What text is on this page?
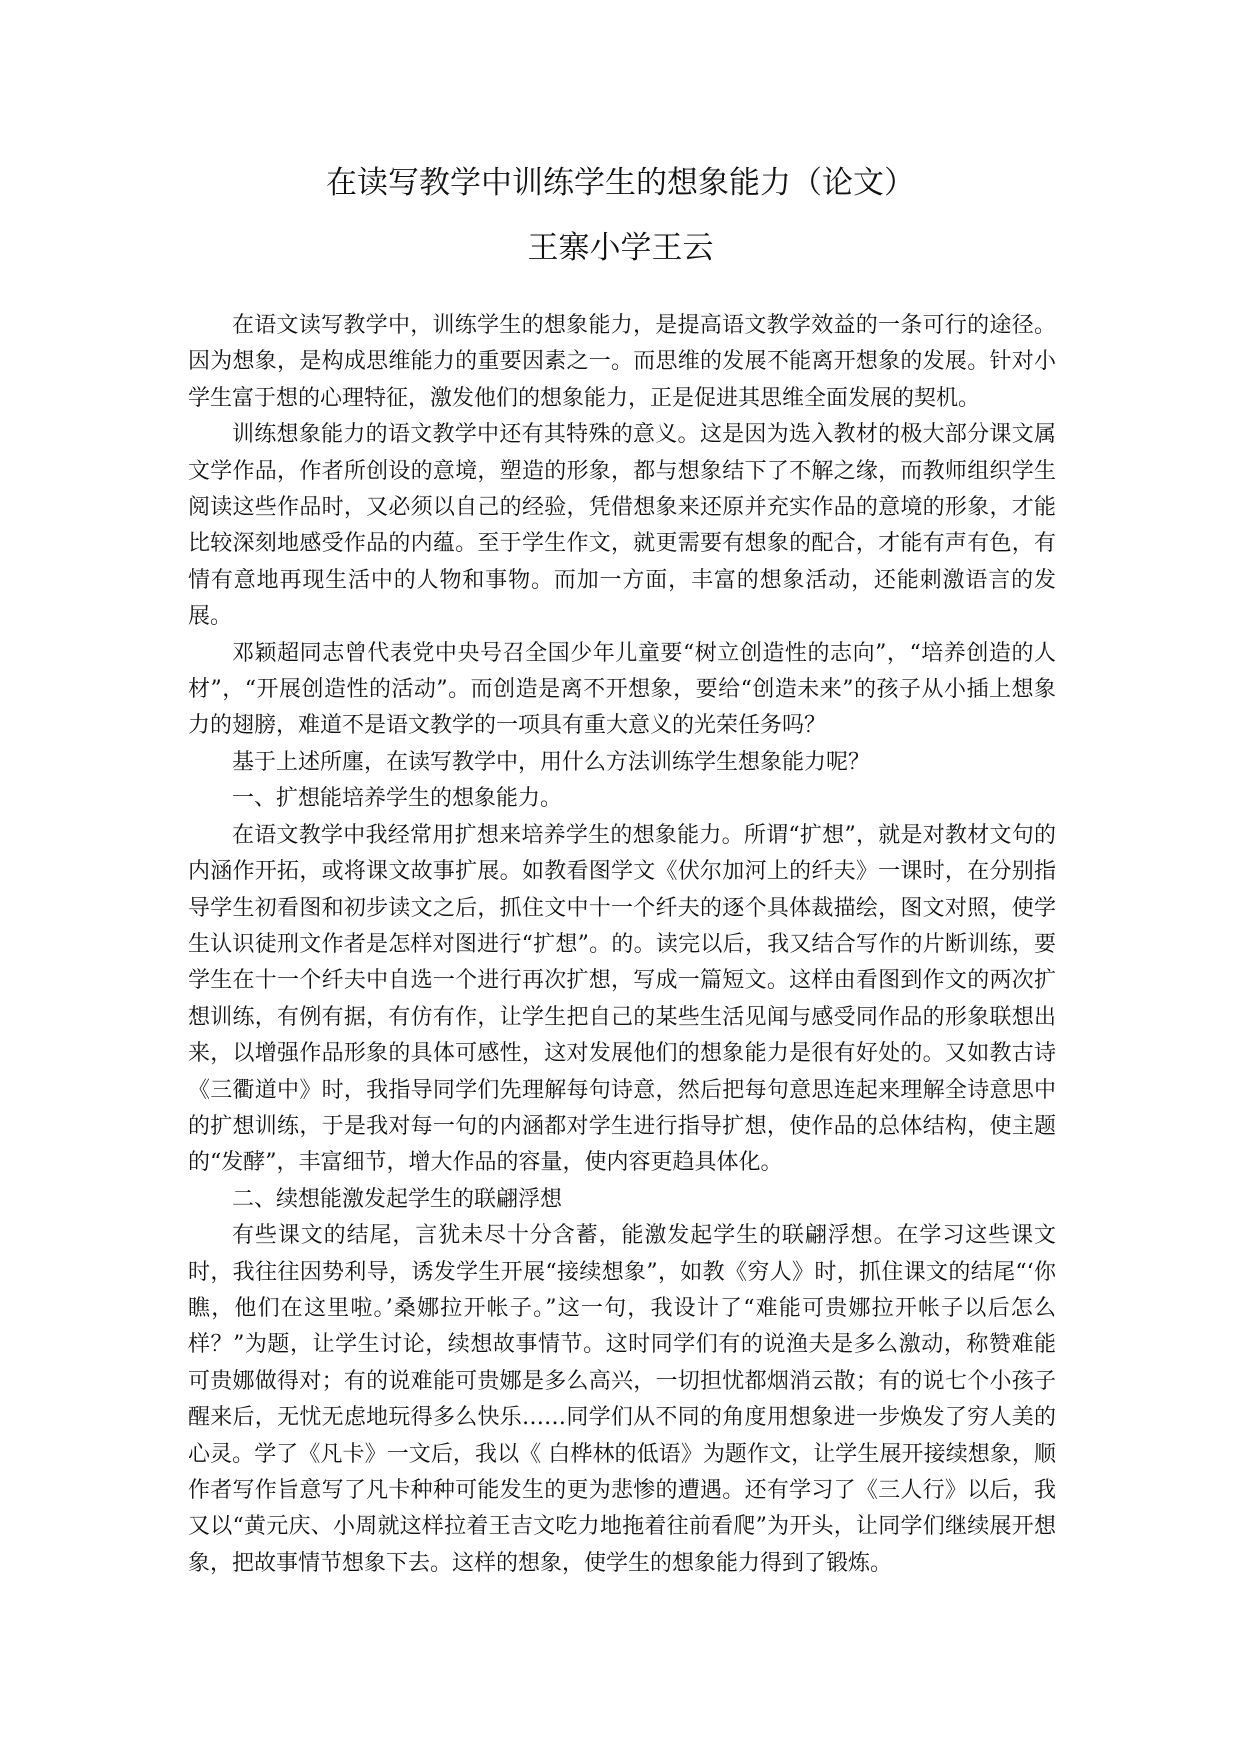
在读写教学中训练学生的想象能力（论文）
王寨小学王云

在语文读写教学中，训练学生的想象能力，是提高语文教学效益的一条可行的途径。因为想象，是构成思维能力的重要因素之一。而思维的发展不能离开想象的发展。针对小学生富于想的心理特征，激发他们的想象能力，正是促进其思维全面发展的契机。

训练想象能力的语文教学中还有其特殊的意义。这是因为选入教材的极大部分课文属文学作品，作者所创设的意境，塑造的形象，都与想象结下了不解之缘，而教师组织学生阅读这些作品时，又必须以自己的经验，凭借想象来还原并充实作品的意境的形象，才能比较深刻地感受作品的内蕴。至于学生作文，就更需要有想象的配合，才能有声有色，有情有意地再现生活中的人物和事物。而加一方面，丰富的想象活动，还能刺激语言的发展。

邓颖超同志曾代表党中央号召全国少年儿童要“树立创造性的志向”，“培养创造的人材”，“开展创造性的活动”。而创造是离不开想象，要给“创造未来”的孩子从小插上想象力的翅膀，难道不是语文教学的一项具有重大意义的光荣任务吗？

基于上述所廛，在读写教学中，用什么方法训练学生想象能力呢？

一、扩想能培养学生的想象能力。

在语文教学中我经常用扩想来培养学生的想象能力。所谓“扩想”，就是对教材文句的内涵作开拓，或将课文故事扩展。如教看图学文《伏尔加河上的纤夫》一课时，在分别指导学生初看图和初步读文之后，抓住文中十一个纤夫的逐个具体裁描绘，图文对照，使学生认识徒刑文作者是怎样对图进行“扩想”。的。读完以后，我又结合写作的片断训练，要学生在十一个纤夫中自选一个进行再次扩想，写成一篇短文。这样由看图到作文的两次扩想训练，有例有据，有仿有作，让学生把自己的某些生活见闻与感受同作品的形象联想出来，以增强作品形象的具体可感性，这对发展他们的想象能力是很有好处的。又如教古诗《三衢道中》时，我指导同学们先理解每句诗意，然后把每句意思连起来理解全诗意思中的扩想训练，于是我对每一句的内涵都对学生进行指导扩想，使作品的总体结构，使主题的“发酵”，丰富细节，增大作品的容量，使内容更趋具体化。

二、续想能激发起学生的联翩浮想

有些课文的结尾，言犹未尽十分含蓄，能激发起学生的联翩浮想。在学习这些课文时，我往往因势利导，诱发学生开展“接续想象”，如教《穷人》时，抓住课文的结尾“‘你瞧，他们在这里啦。’桑娜拉开帐子。”这一句，我设计了“难能可贵娜拉开帐子以后怎么样？”为题，让学生讨论，续想故事情节。这时同学们有的说渔夫是多么激动，称赞难能可贵娜做得对；有的说难能可贵娜是多么高兴，一切担忧都烟消云散；有的说七个小孩子醒来后，无忧无虑地玩得多么快乐……同学们从不同的角度用想象进一步焕发了穷人美的心灵。学了《凡卡》一文后，我以《 白桦林的低语》为题作文，让学生展开接续想象，顺作者写作旨意写了凡卡种种可能发生的更为悲惨的遭遇。还有学习了《三人行》以后，我又以“黄元庆、小周就这样拉着王吉文吃力地拖着往前看爬”为开头，让同学们继续展开想象，把故事情节想象下去。这样的想象，使学生的想象能力得到了锻炼。
